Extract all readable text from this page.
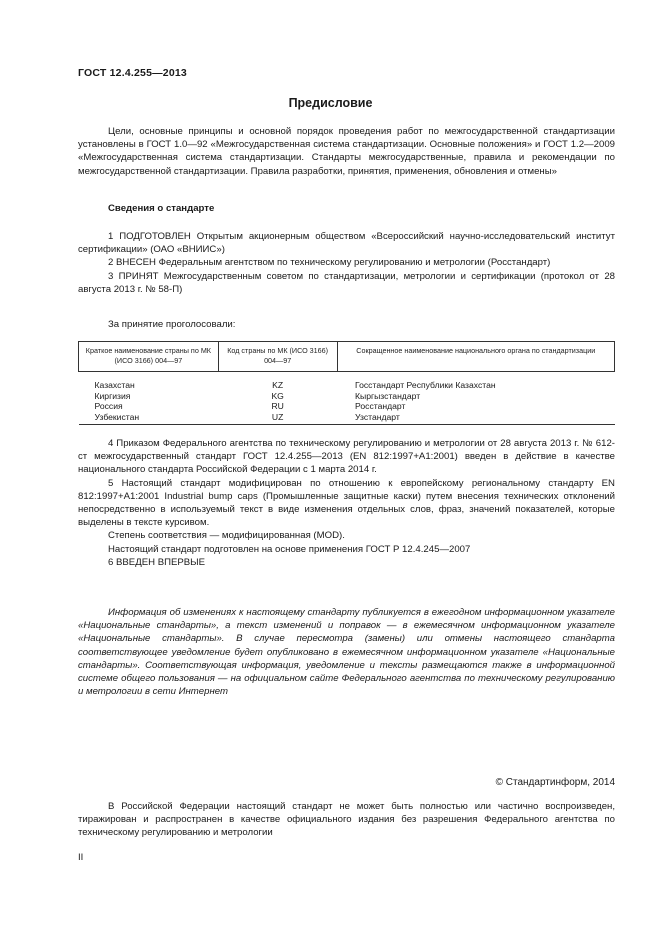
ГОСТ 12.4.255—2013
Предисловие

Цели, основные принципы и основной порядок проведения работ по межгосударственной стандартизации установлены в ГОСТ 1.0—92 «Межгосударственная система стандартизации. Основные положения» и ГОСТ 1.2—2009 «Межгосударственная система стандартизации. Стандарты межгосударственные, правила и рекомендации по межгосударственной стандартизации. Правила разработки, принятия, применения, обновления и отмены»

Сведения о стандарте

1 ПОДГОТОВЛЕН Открытым акционерным обществом «Всероссийский научно-исследовательский институт сертификации» (ОАО «ВНИИС»)

2 ВНЕСЕН Федеральным агентством по техническому регулированию и метрологии (Росстандарт)

3 ПРИНЯТ Межгосударственным советом по стандартизации, метрологии и сертификации (протокол от 28 августа 2013 г. № 58-П)

За принятие проголосовали:
Краткое наименование страны по МК (ИСО 3166) 004—97	Код страны по МК (ИСО 3166) 004—97	Сокращенное наименование национального органа по стандартизации
Казахстан	KZ	Госстандарт Республики Казахстан
Киргизия	KG	Кыргызстандарт
Россия	RU	Росстандарт
Узбекистан	UZ	Узстандарт

4 Приказом Федерального агентства по техническому регулированию и метрологии от 28 августа 2013 г. № 612-ст межгосударственный стандарт ГОСТ 12.4.255—2013 (EN 812:1997+A1:2001) введен в действие в качестве национального стандарта Российской Федерации с 1 марта 2014 г.

5 Настоящий стандарт модифицирован по отношению к европейскому региональному стандарту EN 812:1997+A1:2001 Industrial bump caps (Промышленные защитные каски) путем внесения технических отклонений непосредственно в используемый текст в виде изменения отдельных слов, фраз, значений показателей, которые выделены в тексте курсивом.

Степень соответствия — модифицированная (MOD).

Настоящий стандарт подготовлен на основе применения ГОСТ Р 12.4.245—2007

6 ВВЕДЕН ВПЕРВЫЕ

Информация об изменениях к настоящему стандарту публикуется в ежегодном информационном указателе «Национальные стандарты», а текст изменений и поправок — в ежемесячном информационном указателе «Национальные стандарты». В случае пересмотра (замены) или отмены настоящего стандарта соответствующее уведомление будет опубликовано в ежемесячном информационном указателе «Национальные стандарты». Соответствующая информация, уведомление и тексты размещаются также в информационной системе общего пользования — на официальном сайте Федерального агентства по техническому регулированию и метрологии в сети Интернет

© Стандартинформ, 2014

В Российской Федерации настоящий стандарт не может быть полностью или частично воспроизведен, тиражирован и распространен в качестве официального издания без разрешения Федерального агентства по техническому регулированию и метрологии

II
